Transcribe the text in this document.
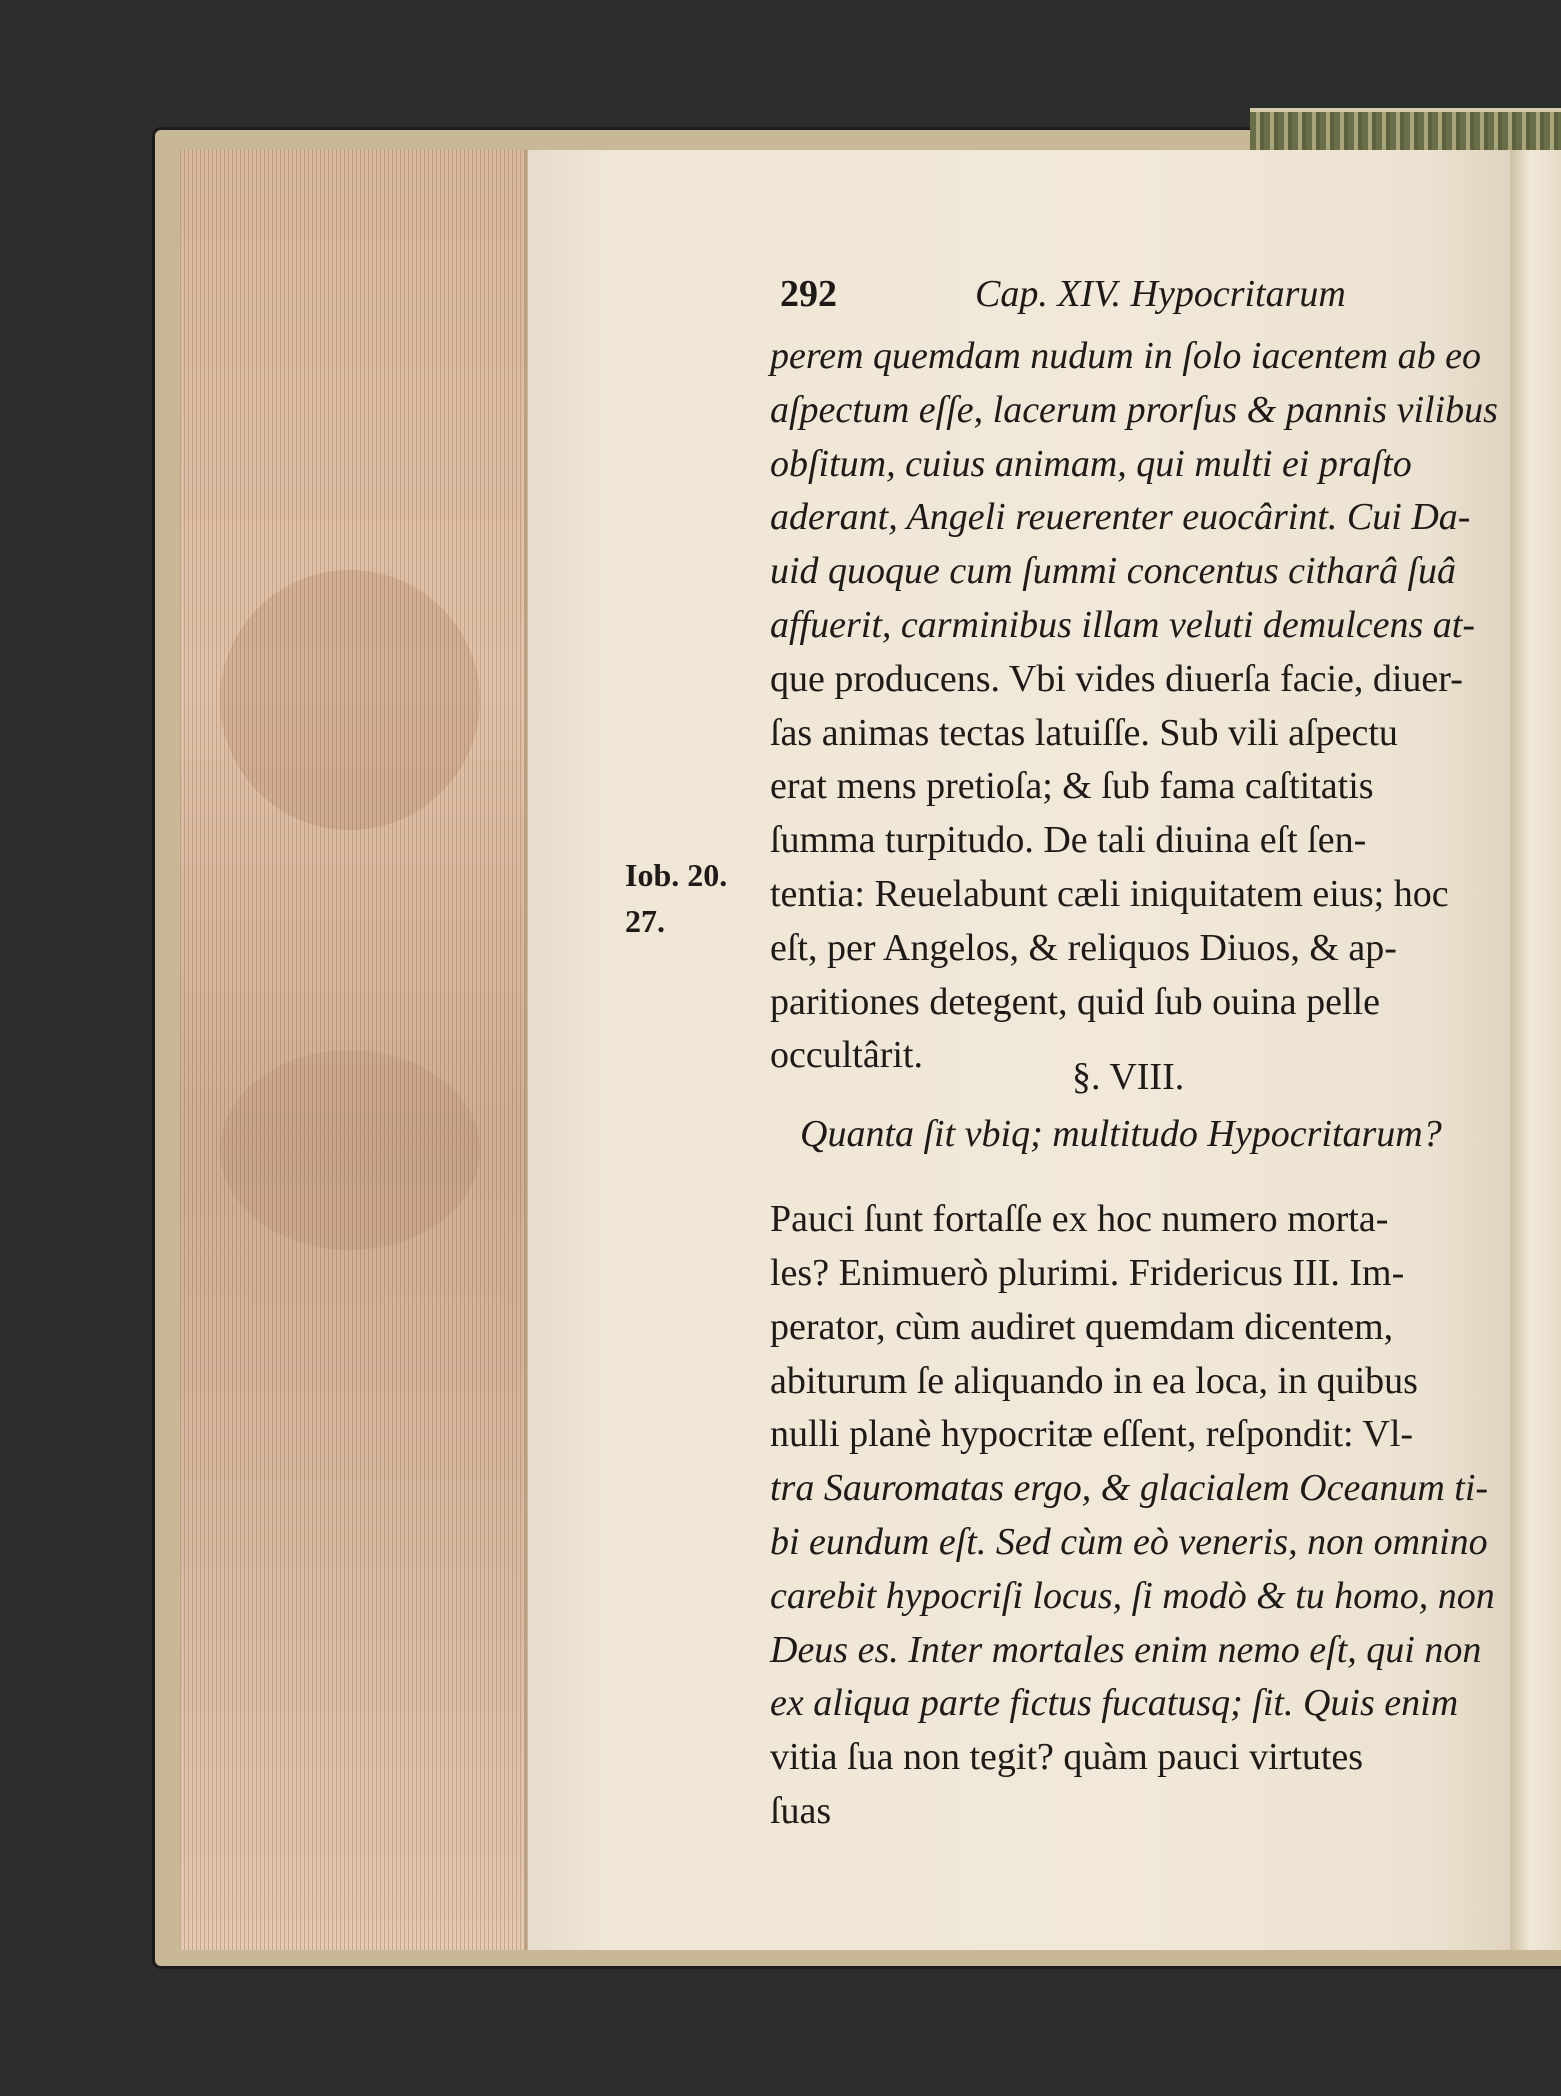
292	Cap. XIV. Hypocritarum
Iob. 20.
27.
perem quemdam nudum in ſolo iacentem ab eo
aſpectum eſſe, lacerum prorſus & pannis vilibus
obſitum, cuius animam, qui multi ei praſto
aderant, Angeli reuerenter euocârint. Cui Da-
uid quoque cum ſummi concentus citharâ ſuâ
affuerit, carminibus illam veluti demulcens at-
que producens. Vbi vides diuerſa facie, diuer-
ſas animas tectas latuiſſe. Sub vili aſpectu
erat mens pretioſa; & ſub fama caſtitatis
ſumma turpitudo. De tali diuina eſt ſen-
tentia: Reuelabunt cæli iniquitatem eius; hoc
eſt, per Angelos, & reliquos Diuos, & ap-
paritiones detegent, quid ſub ouina pelle
occultârit.
Pauci ſunt fortaſſe ex hoc numero morta-
les? Enimuerò plurimi. Fridericus III. Im-
perator, cùm audiret quemdam dicentem,
abiturum ſe aliquando in ea loca, in quibus
nulli planè hypocritæ eſſent, reſpondit: Vl-
tra Sauromatas ergo, & glacialem Oceanum ti-
bi eundum eſt. Sed cùm eò veneris, non omnino
carebit hypocriſi locus, ſi modò & tu homo, non
Deus es. Inter mortales enim nemo eſt, qui non
ex aliqua parte fictus fucatusq; ſit. Quis enim
vitia ſua non tegit? quàm pauci virtutes
ſuas
§. VIII.
Quanta ſit vbiq; multitudo Hypocritarum?
